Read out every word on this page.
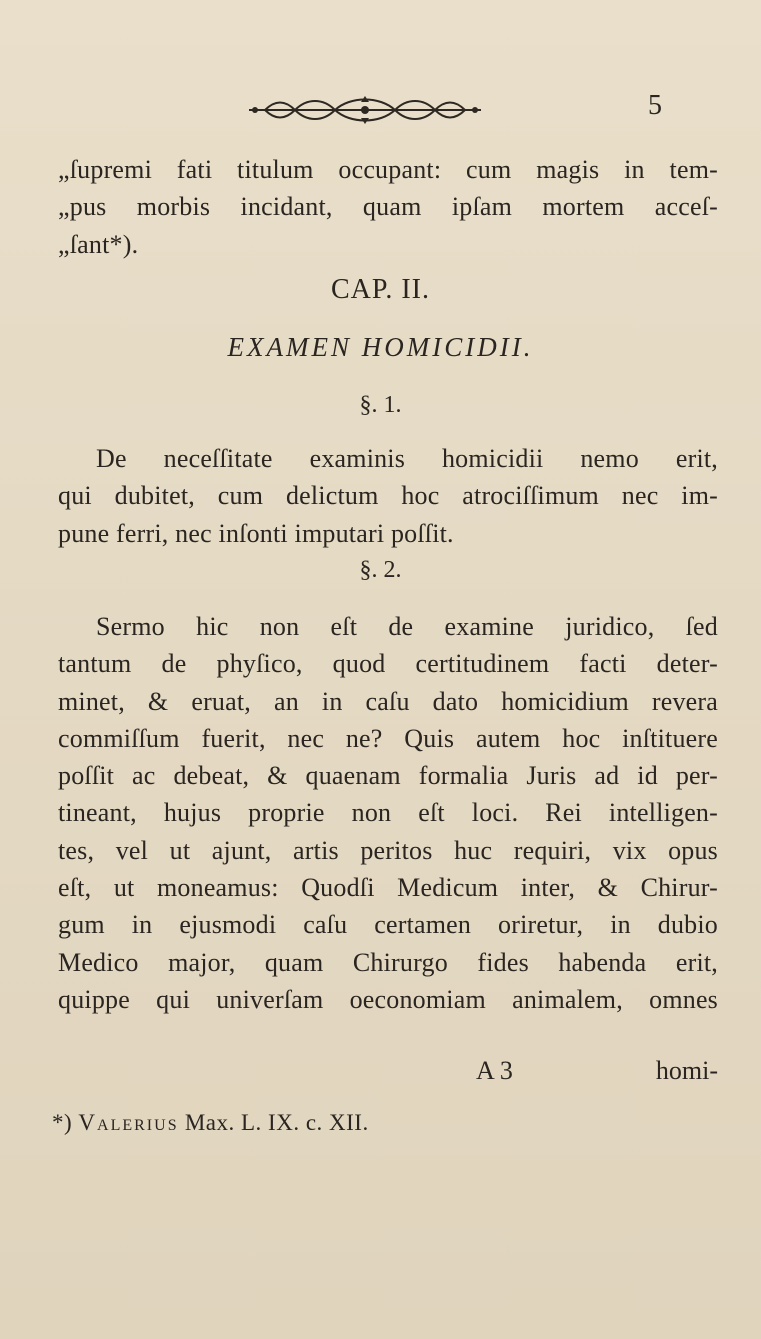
5
„ſupremi fati titulum occupant: cum magis in tem-
„pus morbis incidant, quam ipſam mortem acceſ-
„ſant*).
CAP. II.
EXAMEN HOMICIDII.
§. 1.
De neceſſitate examinis homicidii nemo erit,
qui dubitet, cum delictum hoc atrociſſimum nec im-
pune ferri, nec inſonti imputari poſſit.
§. 2.
Sermo hic non eſt de examine juridico, ſed
tantum de phyſico, quod certitudinem facti deter-
minet, & eruat, an in caſu dato homicidium revera
commiſſum fuerit, nec ne? Quis autem hoc inſtituere
poſſit ac debeat, & quaenam formalia Juris ad id per-
tineant, hujus proprie non eſt loci. Rei intelligen-
tes, vel ut ajunt, artis peritos huc requiri, vix opus
eſt, ut moneamus: Quodſi Medicum inter, & Chirur-
gum in ejusmodi caſu certamen oriretur, in dubio
Medico major, quam Chirurgo fides habenda erit,
quippe qui univerſam oeconomiam animalem, omnes
A 3	homi-
*) Valerius Max. L. IX. c. XII.
